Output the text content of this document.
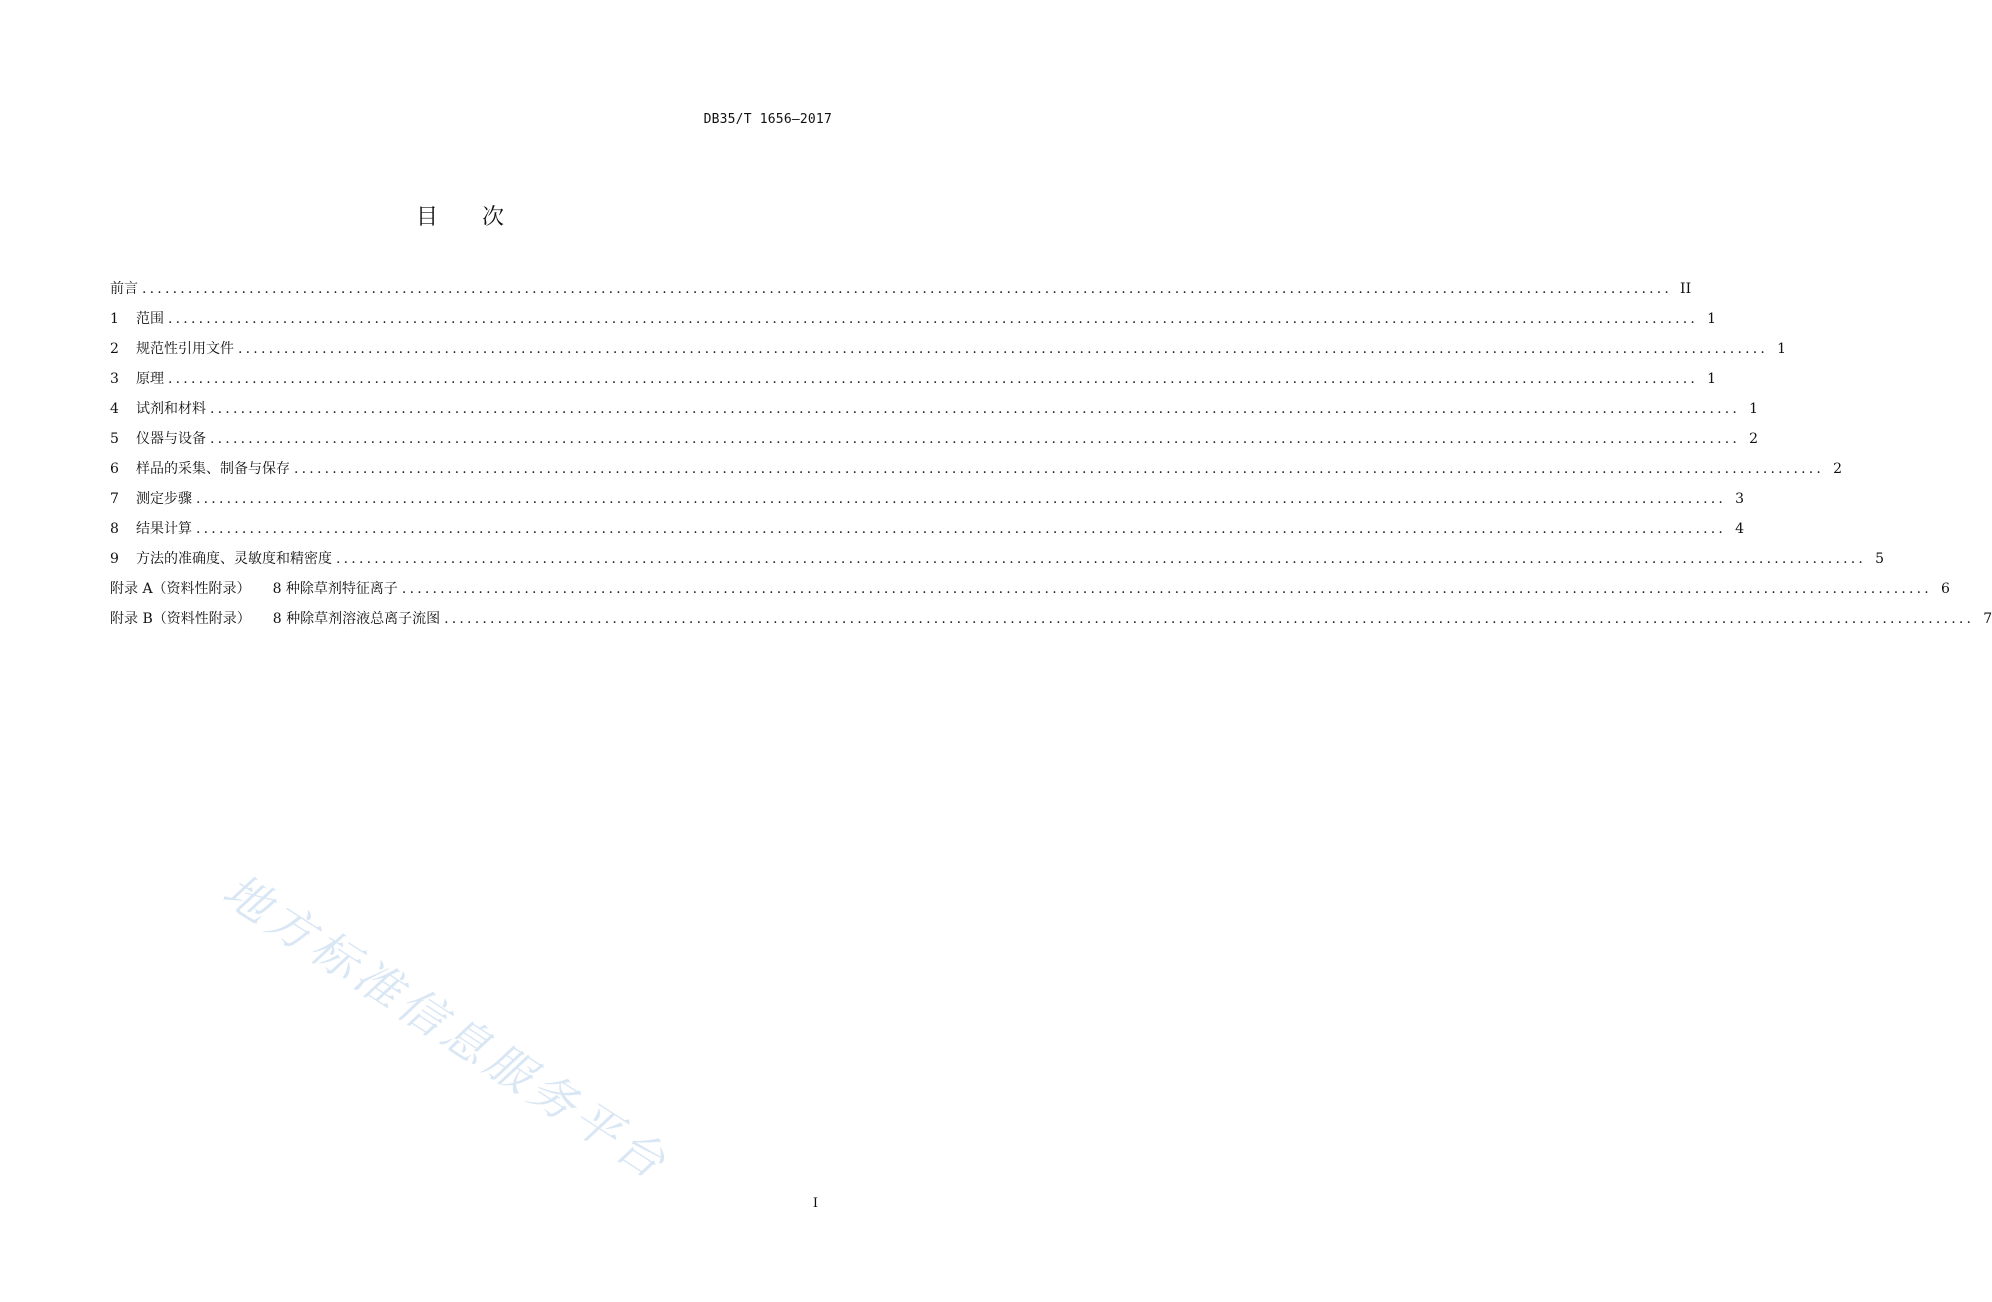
DB35/T 1656—2017
目 次
前言 ........................................................................................................................................................................................................ II
1	范围 ........................................................................................................................................................................................................ 1
2	规范性引用文件 ........................................................................................................................................................................................................ 1
3	原理 ........................................................................................................................................................................................................ 1
4	试剂和材料 ........................................................................................................................................................................................................ 1
5	仪器与设备 ........................................................................................................................................................................................................ 2
6	样品的采集、制备与保存 ........................................................................................................................................................................................................ 2
7	测定步骤 ........................................................................................................................................................................................................ 3
8	结果计算 ........................................................................................................................................................................................................ 4
9	方法的准确度、灵敏度和精密度 ........................................................................................................................................................................................................ 5
附录 A（资料性附录） 8 种除草剂特征离子 ........................................................................................................................................................................................................ 6
附录 B（资料性附录） 8 种除草剂溶液总离子流图 ........................................................................................................................................................................................................ 7
地方标准信息服务平台
I
